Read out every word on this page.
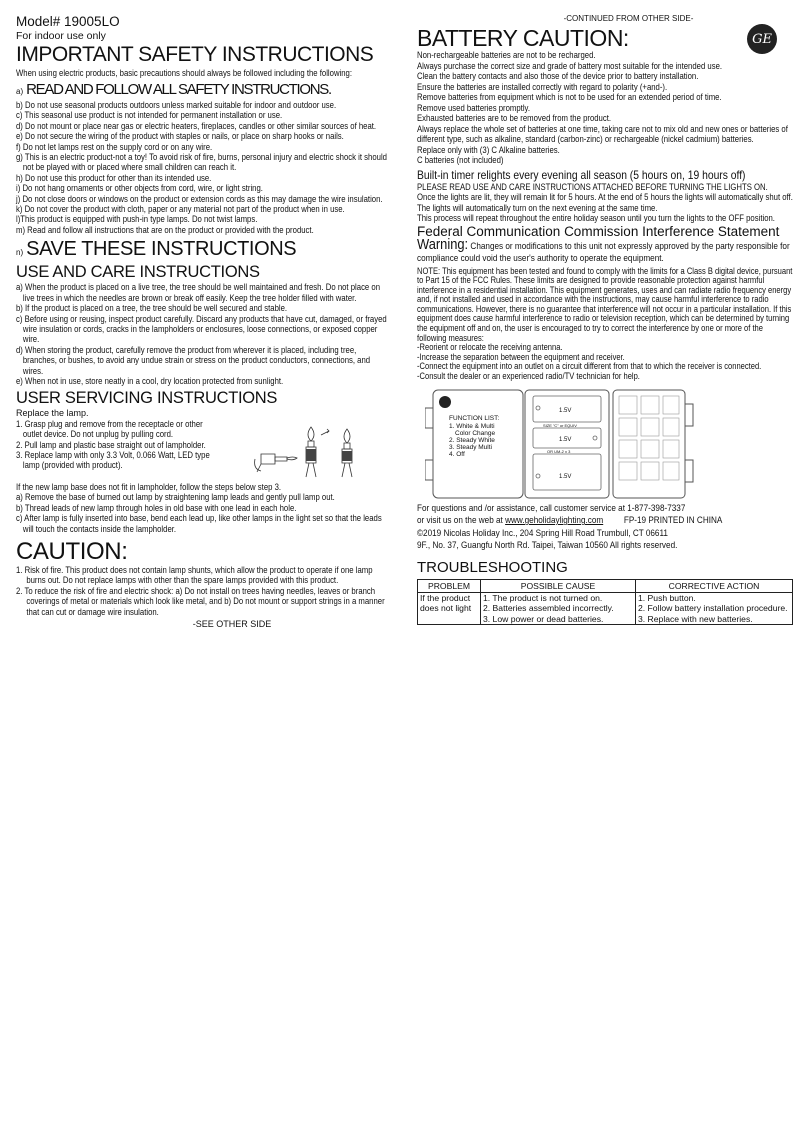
Model# 19005LO
For indoor use only
IMPORTANT SAFETY INSTRUCTIONS
When using electric products, basic precautions should always be followed including the following:
a) READ AND FOLLOW ALL SAFETY INSTRUCTIONS.
b) Do not use seasonal products outdoors unless marked suitable for indoor and outdoor use.
c) This seasonal use product is not intended for permanent installation or use.
d) Do not mount or place near gas or electric heaters, fireplaces, candles or other similar sources of heat.
e) Do not secure the wiring of the product with staples or nails, or place on sharp hooks or nails.
f) Do not let lamps rest on the supply cord or on any wire.
g) This is an electric product-not a toy! To avoid risk of fire, burns, personal injury and electric shock it should not be played with or placed where small children can reach it.
h) Do not use this product for other than its intended use.
i) Do not hang ornaments or other objects from cord, wire, or light string.
j) Do not close doors or windows on the product or extension cords as this may damage the wire insulation.
k) Do not cover the product with cloth, paper or any material not part of the product when in use.
l)This product is equipped with push-in type lamps. Do not twist lamps.
m) Read and follow all instructions that are on the product or provided with the product.
n) SAVE THESE INSTRUCTIONS
USE AND CARE INSTRUCTIONS
a) When the product is placed on a live tree, the tree should be well maintained and fresh. Do not place on live trees in which the needles are brown or break off easily. Keep the tree holder filled with water.
b) If the product is placed on a tree, the tree should be well secured and stable.
c) Before using or reusing, inspect product carefully. Discard any products that have cut, damaged, or frayed wire insulation or cords, cracks in the lampholders or enclosures, loose connections, or exposed copper wire.
d) When storing the product, carefully remove the product from wherever it is placed, including tree, branches, or bushes, to avoid any undue strain or stress on the product conductors, connections, and wires.
e) When not in use, store neatly in a cool, dry location protected from sunlight.
USER SERVICING INSTRUCTIONS
Replace the lamp.
1. Grasp plug and remove from the receptacle or other outlet device. Do not unplug by pulling cord.
2. Pull lamp and plastic base straight out of lampholder.
3. Replace lamp with only 3.3 Volt, 0.066 Watt, LED type lamp (provided with product).
If the new lamp base does not fit in lampholder, follow the steps below step 3.
a) Remove the base of burned out lamp by straightening lamp leads and gently pull lamp out.
b) Thread leads of new lamp through holes in old base with one lead in each hole.
c) After lamp is fully inserted into base, bend each lead up, like other lamps in the light set so that the leads will touch the contacts inside the lampholder.
CAUTION:
1. Risk of fire. This product does not contain lamp shunts, which allow the product to operate if one lamp burns out. Do not replace lamps with other than the spare lamps provided with this product.
2. To reduce the risk of fire and electric shock: a) Do not install on trees having needles, leaves or branch coverings of metal or materials which look like metal, and b) Do not mount or support strings in a manner that can cut or damage wire insulation.
-SEE OTHER SIDE
-CONTINUED FROM OTHER SIDE-
GE
BATTERY CAUTION:
Non-rechargeable batteries are not to be recharged.
Always purchase the correct size and grade of battery most suitable for the intended use.
Clean the battery contacts and also those of the device prior to battery installation.
Ensure the batteries are installed correctly with regard to polarity (+and-).
Remove batteries from equipment which is not to be used for an extended period of time.
Remove used batteries promptly.
Exhausted batteries are to be removed from the product.
Always replace the whole set of batteries at one time, taking care not to mix old and new ones or batteries of different type, such as alkaline, standard (carbon-zinc) or rechargeable (nickel cadmium) batteries.
Replace only with (3) C Alkaline batteries.
C batteries (not included)
Built-in timer relights every evening all season (5 hours on, 19 hours off)
PLEASE READ USE AND CARE INSTRUCTIONS ATTACHED BEFORE TURNING THE LIGHTS ON.
Once the lights are lit, they will remain lit for 5 hours. At the end of 5 hours the lights will automatically shut off.
The lights will automatically turn on the next evening at the same time.
This process will repeat throughout the entire holiday season until you turn the lights to the OFF position.
Federal Communication Commission Interference Statement
Warning: Changes or modifications to this unit not expressly approved by the party responsible for compliance could void the user's authority to operate the equipment.
NOTE: This equipment has been tested and found to comply with the limits for a Class B digital device, pursuant to Part 15 of the FCC Rules. These limits are designed to provide reasonable protection against harmful interference in a residential installation. This equipment generates, uses and can radiate radio frequency energy and, if not installed and used in accordance with the instructions, may cause harmful interference to radio communications. However, there is no guarantee that interference will not occur in a particular installation. If this equipment does cause harmful interference to radio or television reception, which can be determined by turning the equipment off and on, the user is encouraged to try to correct the interference by one or more of the following measures:
-Reorient or relocate the receiving antenna.
-Increase the separation between the equipment and receiver.
-Connect the equipment into an outlet on a circuit different from that to which the receiver is connected.
-Consult the dealer or an experienced radio/TV technician for help.
FUNCTION LIST:
1. White & Multi
Color Change
2. Steady White
3. Steady Multi
4. Off
1.5V
1.5V
1.5V
SIZE "C" or EQUIV
OR UM-2 x 3
For questions and /or assistance, call customer service at 1-877-398-7337
or visit us on the web at www.geholidaylighting.com FP-19 PRINTED IN CHINA
©2019 Nicolas Holiday Inc., 204 Spring Hill Road Trumbull, CT 06611
9F., No. 37, Guangfu North Rd. Taipei, Taiwan 10560 All rights reserved.
TROUBLESHOOTING
PROBLEM	POSSIBLE CAUSE	CORRECTIVE ACTION

If the product
does not light	1. The product is not turned on.	1. Push button.
	2. Batteries assembled incorrectly.	2. Follow battery installation procedure.
	3. Low power or dead batteries.	3. Replace with new batteries.
